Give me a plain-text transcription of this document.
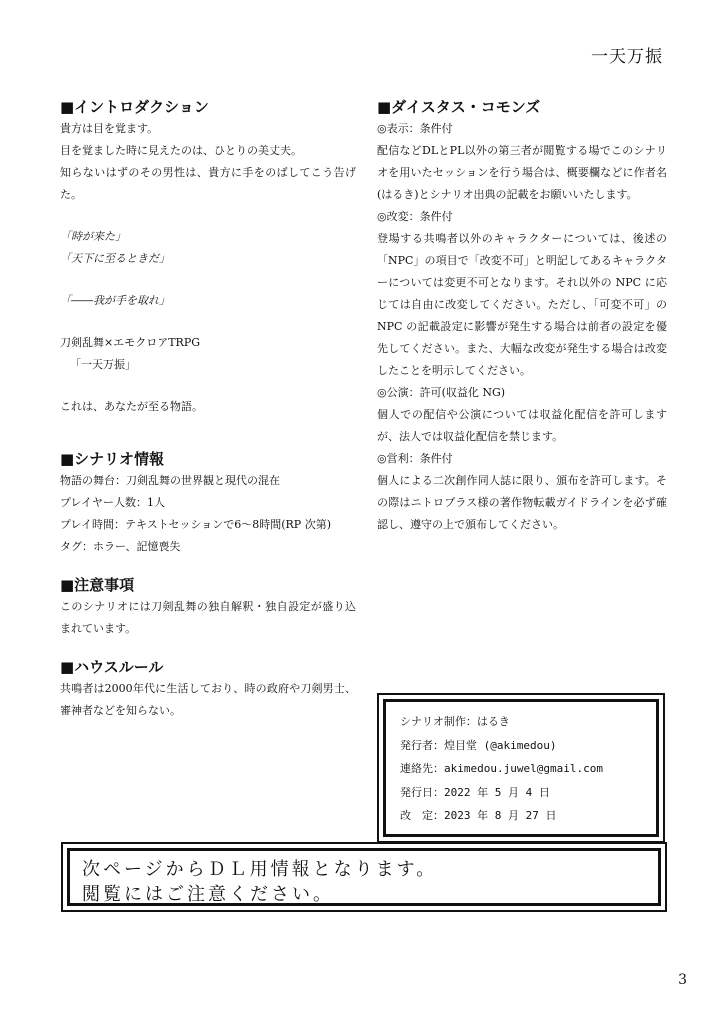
一天万振
■イントロダクション

貴方は目を覚ます。

目を覚ました時に見えたのは、ひとりの美丈夫。

知らないはずのその男性は、貴方に手をのばしてこう告げた。

「時が来た」

「天下に至るときだ」

「――我が手を取れ」

刀剣乱舞×エモクロアTRPG

「一天万振」

これは、あなたが至る物語。

■シナリオ情報

物語の舞台：刀剣乱舞の世界観と現代の混在

プレイヤー人数：1人

プレイ時間：テキストセッションで6～8時間(RP 次第)

タグ：ホラー、記憶喪失

■注意事項

このシナリオには刀剣乱舞の独自解釈・独自設定が盛り込まれています。

■ハウスルール

共鳴者は2000年代に生活しており、時の政府や刀剣男士、審神者などを知らない。

■ダイスタス・コモンズ

◎表示：条件付

配信などDLとPL以外の第三者が閲覧する場でこのシナリオを用いたセッションを行う場合は、概要欄などに作者名(はるき)とシナリオ出典の記載をお願いいたします。

◎改変：条件付

登場する共鳴者以外のキャラクターについては、後述の「NPC」の項目で「改変不可」と明記してあるキャラクターについては変更不可となります。それ以外の NPC に応じては自由に改変してください。ただし、「可変不可」の NPC の記載設定に影響が発生する場合は前者の設定を優先してください。また、大幅な改変が発生する場合は改変したことを明示してください。

◎公演：許可(収益化 NG)

個人での配信や公演については収益化配信を許可しますが、法人では収益化配信を禁じます。

◎営利：条件付

個人による二次創作同人誌に限り、頒布を許可します。その際はニトロプラス様の著作物転載ガイドラインを必ず確認し、遵守の上で頒布してください。

シナリオ制作：はるき
発行者：煌目堂 (@akimedou)
連絡先：akimedou.juwel@gmail.com
発行日：2022 年 5 月 4 日
改　定：2023 年 8 月 27 日
次ページからＤＬ用情報となります。
閲覧にはご注意ください。
3
